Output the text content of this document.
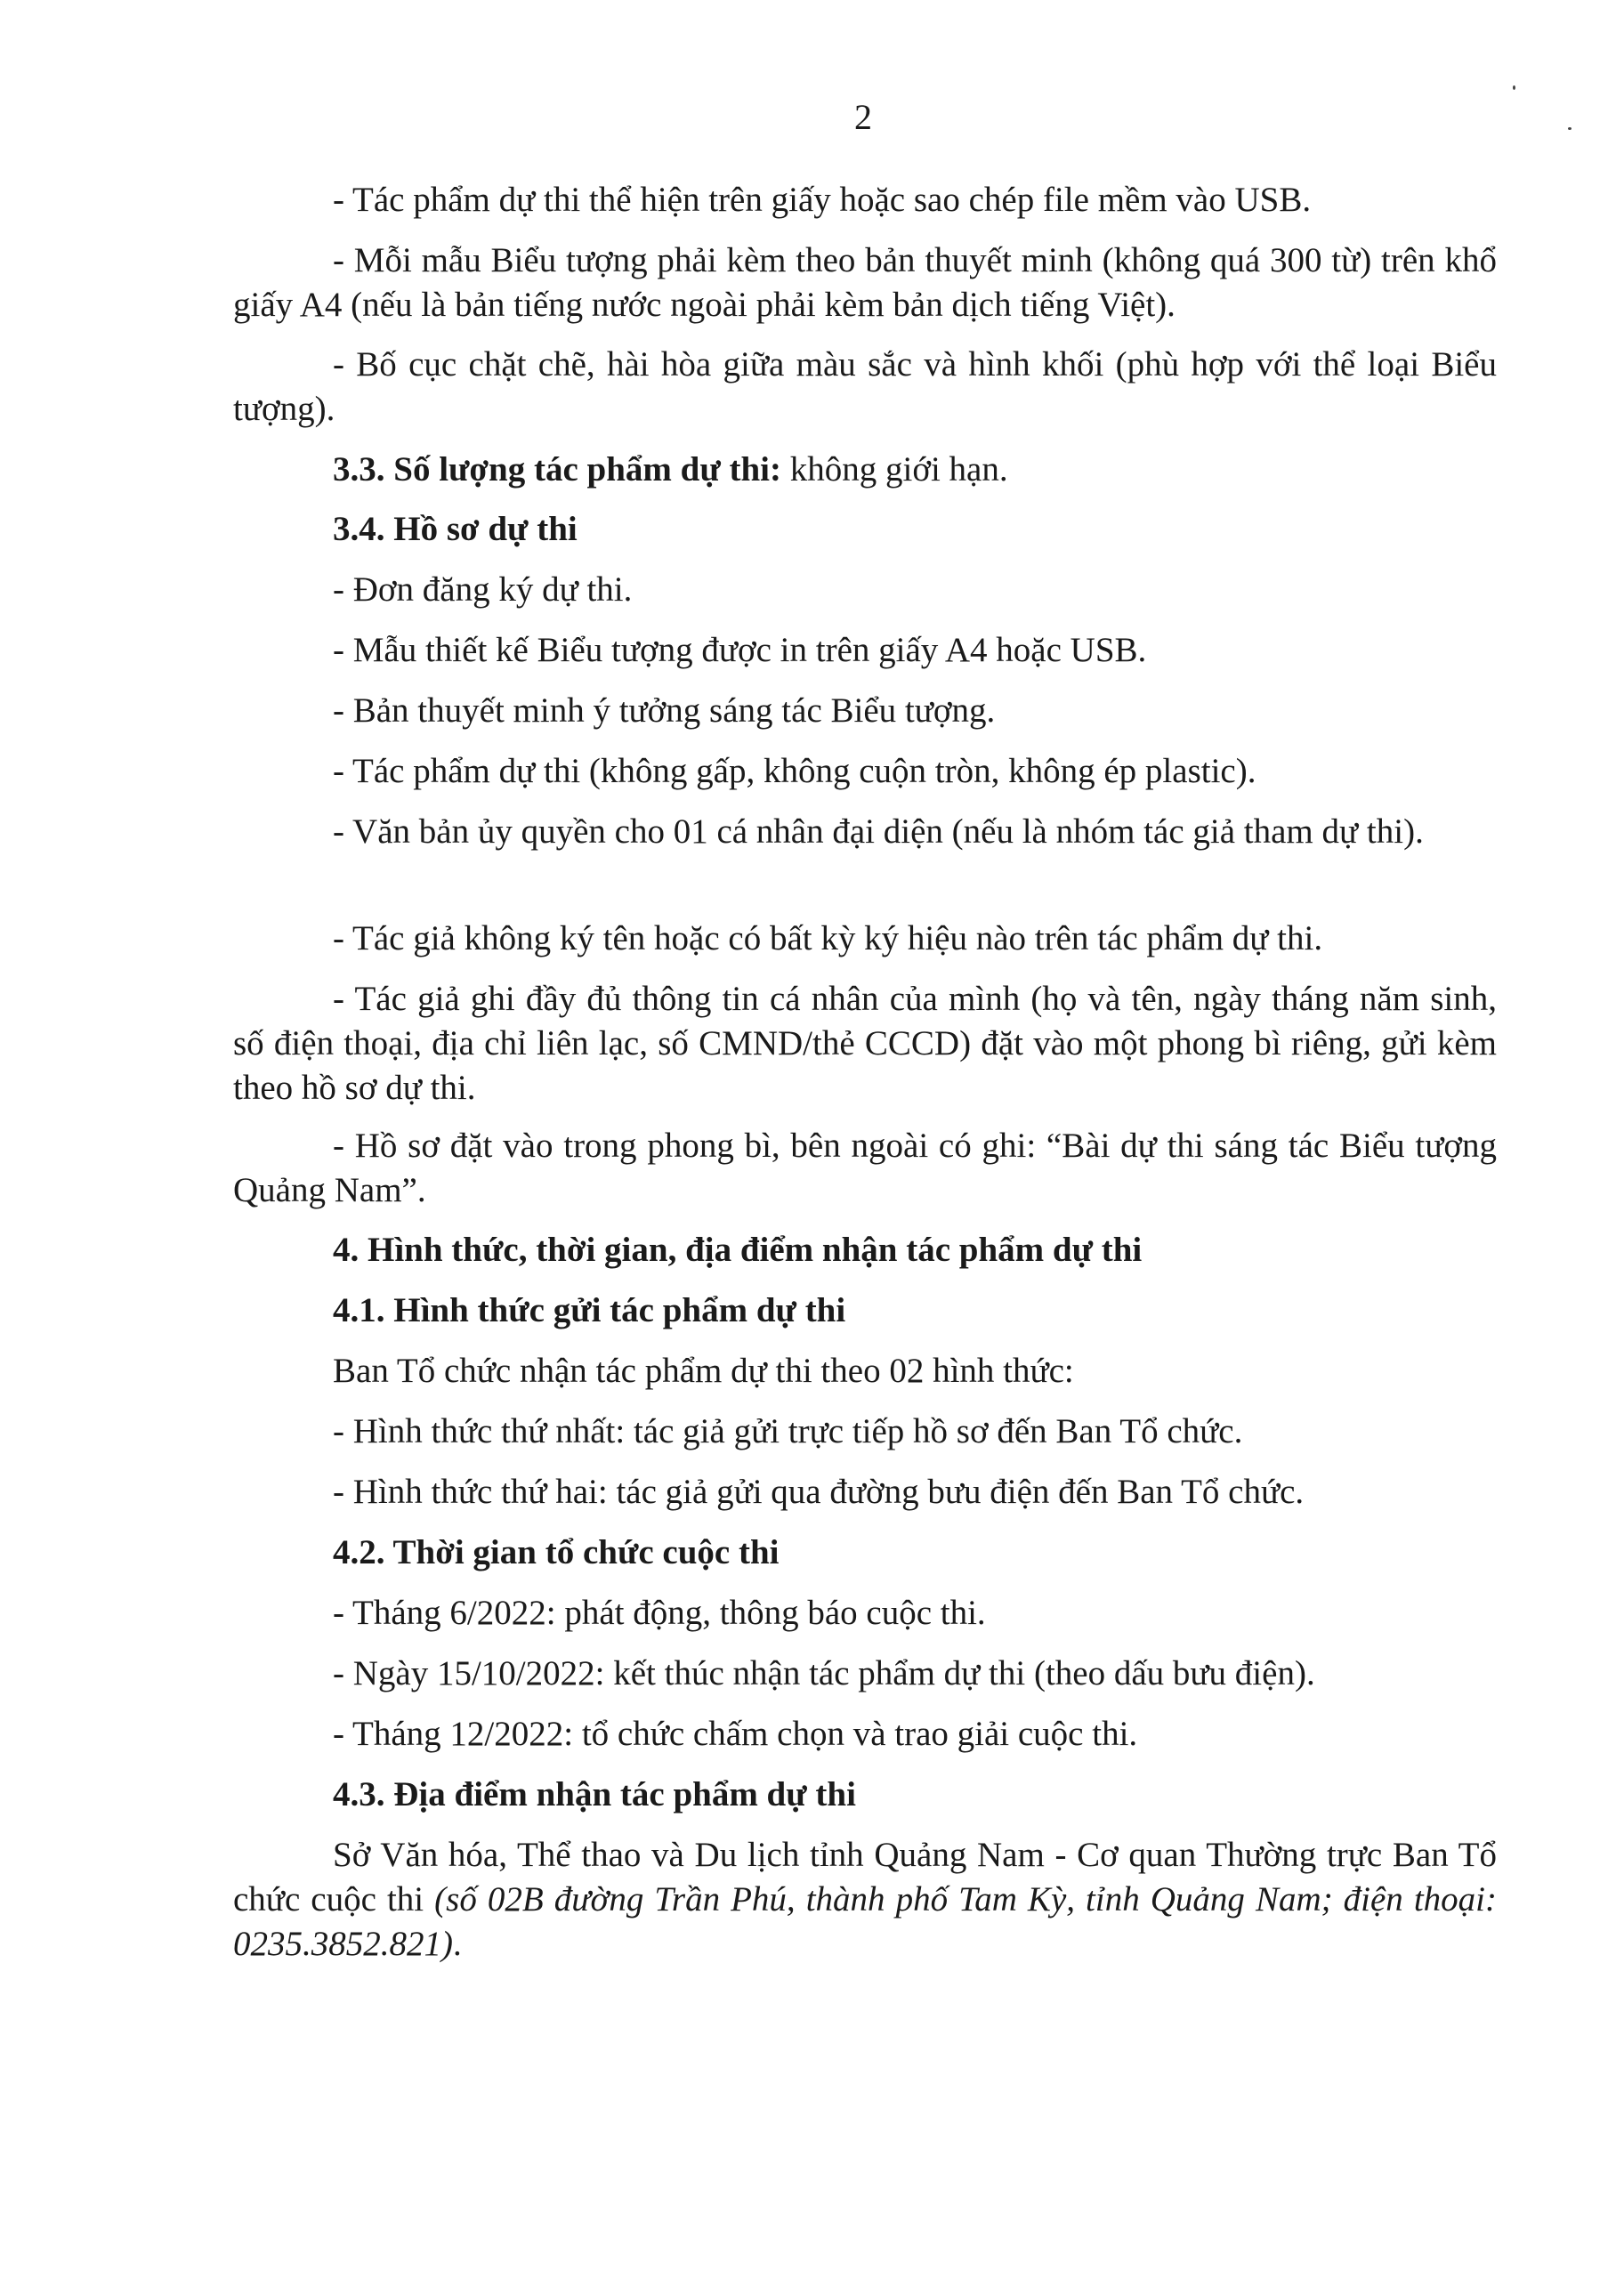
2

- Tác phẩm dự thi thể hiện trên giấy hoặc sao chép file mềm vào USB.

- Mỗi mẫu Biểu tượng phải kèm theo bản thuyết minh (không quá 300 từ) trên khổ giấy A4 (nếu là bản tiếng nước ngoài phải kèm bản dịch tiếng Việt).

- Bố cục chặt chẽ, hài hòa giữa màu sắc và hình khối (phù hợp với thể loại Biểu tượng).

3.3. Số lượng tác phẩm dự thi: không giới hạn.

3.4. Hồ sơ dự thi

- Đơn đăng ký dự thi.

- Mẫu thiết kế Biểu tượng được in trên giấy A4 hoặc USB.

- Bản thuyết minh ý tưởng sáng tác Biểu tượng.

- Tác phẩm dự thi (không gấp, không cuộn tròn, không ép plastic).

- Văn bản ủy quyền cho 01 cá nhân đại diện (nếu là nhóm tác giả tham dự thi).

- Tác giả không ký tên hoặc có bất kỳ ký hiệu nào trên tác phẩm dự thi.

- Tác giả ghi đầy đủ thông tin cá nhân của mình (họ và tên, ngày tháng năm sinh, số điện thoại, địa chỉ liên lạc, số CMND/thẻ CCCD) đặt vào một phong bì riêng, gửi kèm theo hồ sơ dự thi.

- Hồ sơ đặt vào trong phong bì, bên ngoài có ghi: “Bài dự thi sáng tác Biểu tượng Quảng Nam”.

4. Hình thức, thời gian, địa điểm nhận tác phẩm dự thi

4.1. Hình thức gửi tác phẩm dự thi

Ban Tổ chức nhận tác phẩm dự thi theo 02 hình thức:

- Hình thức thứ nhất: tác giả gửi trực tiếp hồ sơ đến Ban Tổ chức.

- Hình thức thứ hai: tác giả gửi qua đường bưu điện đến Ban Tổ chức.

4.2. Thời gian tổ chức cuộc thi

- Tháng 6/2022: phát động, thông báo cuộc thi.

- Ngày 15/10/2022: kết thúc nhận tác phẩm dự thi (theo dấu bưu điện).

- Tháng 12/2022: tổ chức chấm chọn và trao giải cuộc thi.

4.3. Địa điểm nhận tác phẩm dự thi

Sở Văn hóa, Thể thao và Du lịch tỉnh Quảng Nam - Cơ quan Thường trực Ban Tổ chức cuộc thi (số 02B đường Trần Phú, thành phố Tam Kỳ, tỉnh Quảng Nam; điện thoại: 0235.3852.821).
